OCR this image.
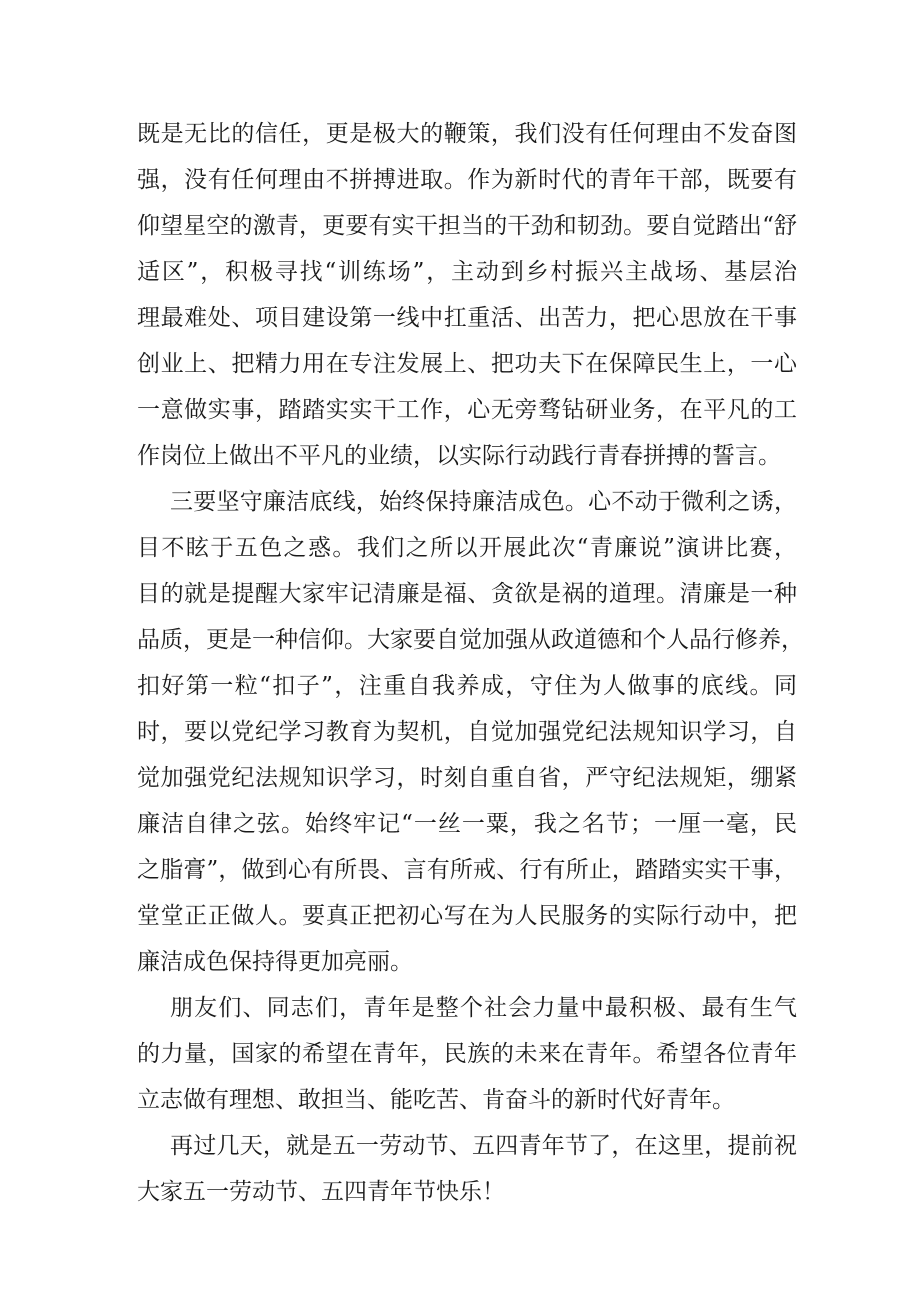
既是无比的信任，更是极大的鞭策，我们没有任何理由不发奋图
强，没有任何理由不拼搏进取。作为新时代的青年干部，既要有
仰望星空的激青，更要有实干担当的干劲和韧劲。要自觉踏出“舒
适区”，积极寻找“训练场”，主动到乡村振兴主战场、基层治
理最难处、项目建设第一线中扛重活、出苦力，把心思放在干事
创业上、把精力用在专注发展上、把功夫下在保障民生上，一心
一意做实事，踏踏实实干工作，心无旁骛钻研业务，在平凡的工
作岗位上做出不平凡的业绩，以实际行动践行青春拼搏的誓言。
三要坚守廉洁底线，始终保持廉洁成色。心不动于微利之诱，
目不眩于五色之惑。我们之所以开展此次“青廉说”演讲比赛，
目的就是提醒大家牢记清廉是福、贪欲是祸的道理。清廉是一种
品质，更是一种信仰。大家要自觉加强从政道德和个人品行修养，
扣好第一粒“扣子”，注重自我养成，守住为人做事的底线。同
时，要以党纪学习教育为契机，自觉加强党纪法规知识学习，自
觉加强党纪法规知识学习，时刻自重自省，严守纪法规矩，绷紧
廉洁自律之弦。始终牢记“一丝一粟，我之名节；一厘一毫，民
之脂膏”，做到心有所畏、言有所戒、行有所止，踏踏实实干事，
堂堂正正做人。要真正把初心写在为人民服务的实际行动中，把
廉洁成色保持得更加亮丽。
朋友们、同志们，青年是整个社会力量中最积极、最有生气
的力量，国家的希望在青年，民族的未来在青年。希望各位青年
立志做有理想、敢担当、能吃苦、肯奋斗的新时代好青年。
再过几天，就是五一劳动节、五四青年节了，在这里，提前祝
大家五一劳动节、五四青年节快乐！
